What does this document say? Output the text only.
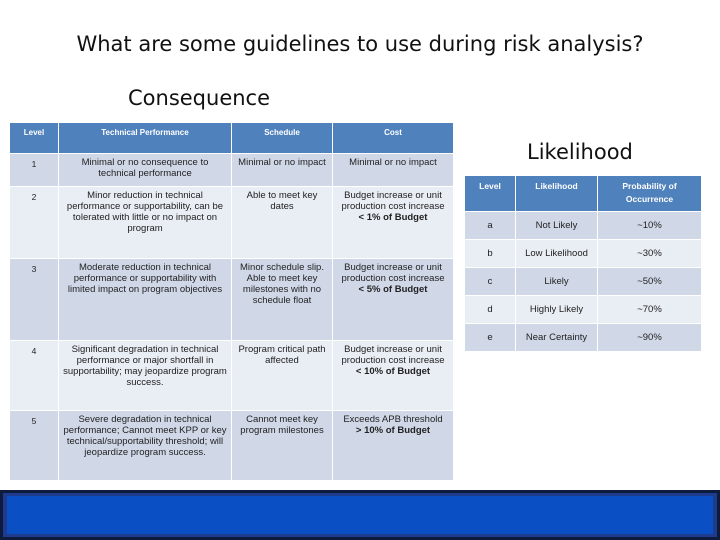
What are some guidelines to use during risk analysis?
Consequence
Likelihood
Level	Technical Performance	Schedule	Cost
1	Minimal or no consequence to technical performance	Minimal or no impact	Minimal or no impact

2	Minor reduction in technical performance or supportability, can be tolerated with little or no impact on program	Able to meet key dates	Budget increase or unit production cost increase
< 1% of Budget

3	Moderate reduction in technical performance or supportability with limited impact on program objectives	Minor schedule slip. Able to meet key milestones with no schedule float	Budget increase or unit production cost increase
< 5% of Budget

4	Significant degradation in technical performance or major shortfall in supportability; may jeopardize program success.	Program critical path affected	Budget increase or unit production cost increase
< 10% of Budget

5	Severe degradation in technical performance; Cannot meet KPP or key technical/supportability threshold; will jeopardize program success.	Cannot meet key program milestones	Exceeds APB threshold
> 10% of Budget
Level	Likelihood	Probability of Occurrence
a	Not Likely	~10%
b	Low Likelihood	~30%
c	Likely	~50%
d	Highly Likely	~70%
e	Near Certainty	~90%
